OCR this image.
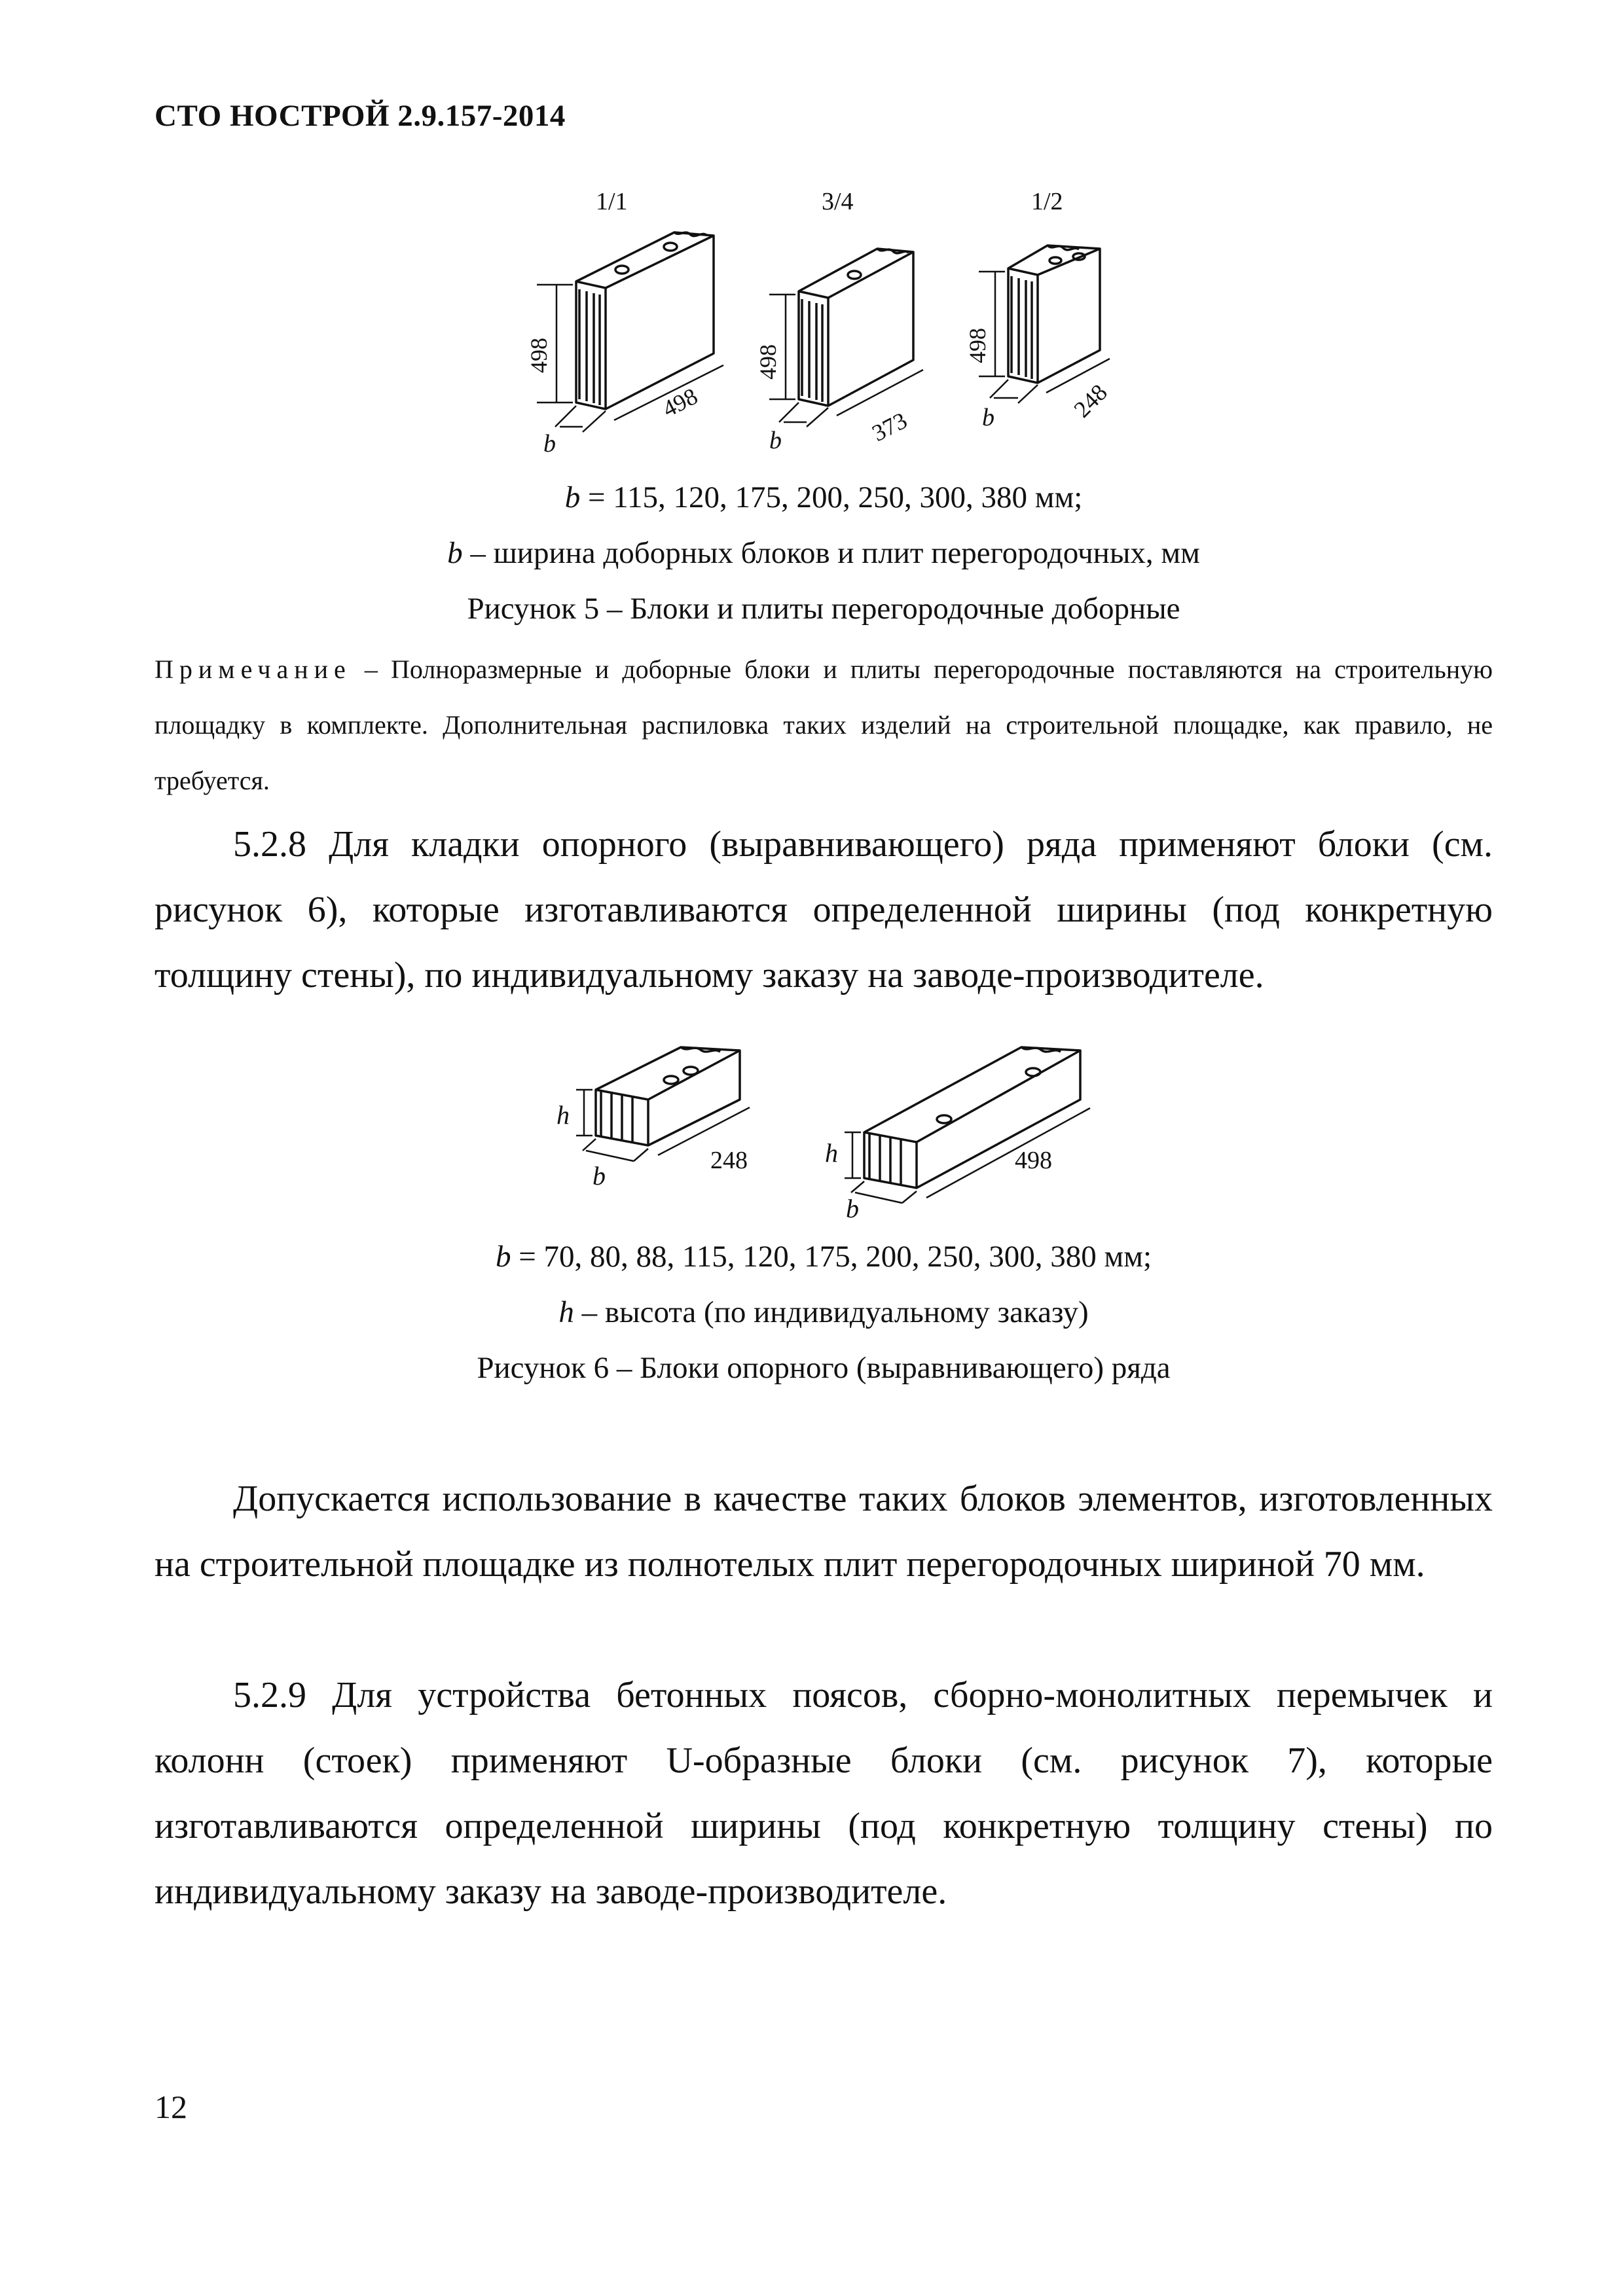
СТО НОСТРОЙ 2.9.157-2014
1/1
498
b
498
3/4
498
b	373
1/2
498
b	248
b = 115, 120, 175, 200, 250, 300, 380 мм;
b – ширина доборных блоков и плит перегородочных, мм
Рисунок 5 – Блоки и плиты перегородочные доборные
Примечание – Полноразмерные и доборные блоки и плиты перегородочные поставляются на строительную площадку в комплекте. Дополнительная распиловка таких изделий на строительной площадке, как правило, не требуется.
5.2.8 Для кладки опорного (выравнивающего) ряда применяют блоки (см. рисунок 6), которые изготавливаются определенной ширины (под конкретную толщину стены), по индивидуальному заказу на заводе-производителе.
h
b
248	h
b
498
b = 70, 80, 88, 115, 120, 175, 200, 250, 300, 380 мм;
h – высота (по индивидуальному заказу)
Рисунок 6 – Блоки опорного (выравнивающего) ряда
Допускается использование в качестве таких блоков элементов, изготовленных на строительной площадке из полнотелых плит перегородочных шириной 70 мм.
5.2.9 Для устройства бетонных поясов, сборно-монолитных перемычек и колонн (стоек) применяют U-образные блоки (см. рисунок 7), которые изготавливаются определенной ширины (под конкретную толщину стены) по индивидуальному заказу на заводе-производителе.
12
